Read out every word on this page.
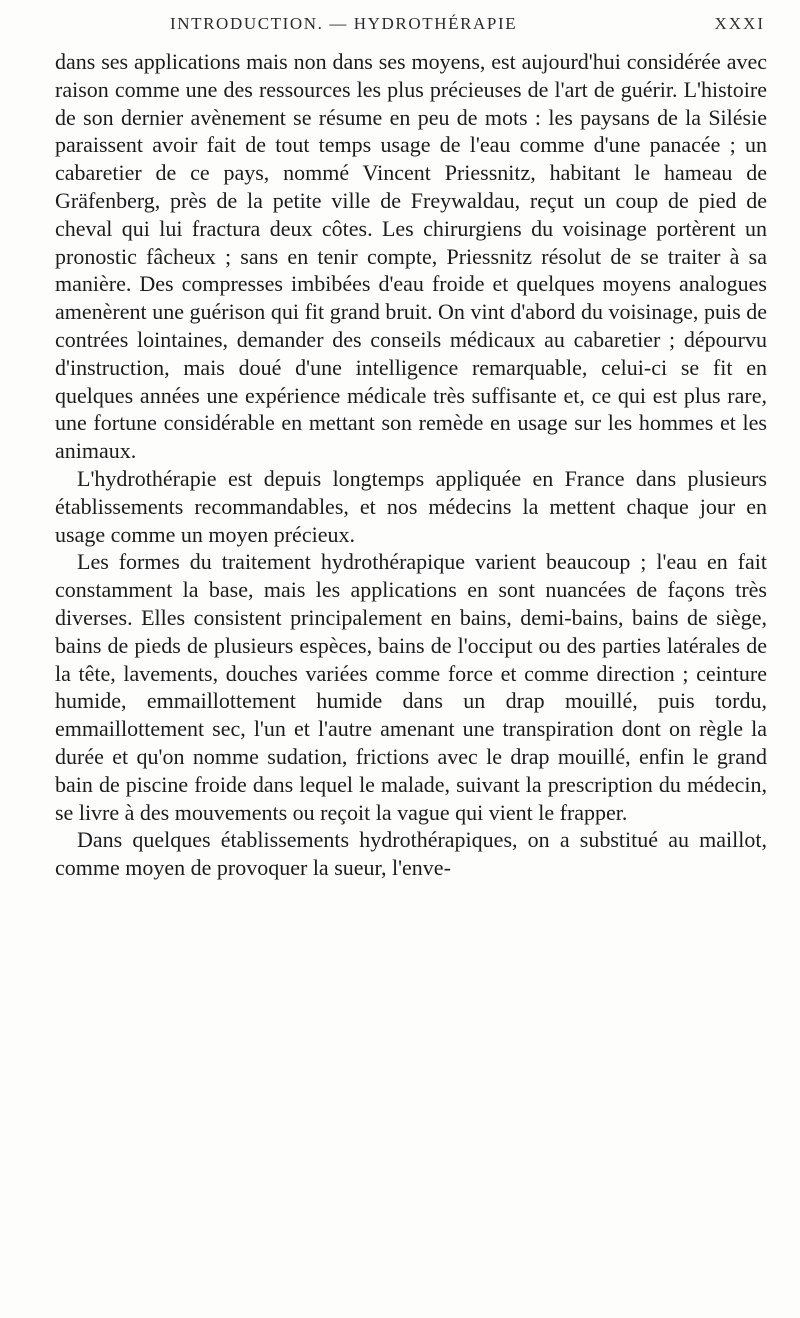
INTRODUCTION. — HYDROTHÉRAPIE	XXXI

dans ses applications mais non dans ses moyens, est aujourd'hui considérée avec raison comme une des ressources les plus précieuses de l'art de guérir. L'histoire de son dernier avènement se résume en peu de mots : les paysans de la Silésie paraissent avoir fait de tout temps usage de l'eau comme d'une panacée ; un cabaretier de ce pays, nommé Vincent Priessnitz, habitant le hameau de Gräfenberg, près de la petite ville de Freywaldau, reçut un coup de pied de cheval qui lui fractura deux côtes. Les chirurgiens du voisinage portèrent un pronostic fâcheux ; sans en tenir compte, Priessnitz résolut de se traiter à sa manière. Des compresses imbibées d'eau froide et quelques moyens analogues amenèrent une guérison qui fit grand bruit. On vint d'abord du voisinage, puis de contrées lointaines, demander des conseils médicaux au cabaretier ; dépourvu d'instruction, mais doué d'une intelligence remarquable, celui-ci se fit en quelques années une expérience médicale très suffisante et, ce qui est plus rare, une fortune considérable en mettant son remède en usage sur les hommes et les animaux.

L'hydrothérapie est depuis longtemps appliquée en France dans plusieurs établissements recommandables, et nos médecins la mettent chaque jour en usage comme un moyen précieux.

Les formes du traitement hydrothérapique varient beaucoup ; l'eau en fait constamment la base, mais les applications en sont nuancées de façons très diverses. Elles consistent principalement en bains, demi-bains, bains de siège, bains de pieds de plusieurs espèces, bains de l'occiput ou des parties latérales de la tête, lavements, douches variées comme force et comme direction ; ceinture humide, emmaillottement humide dans un drap mouillé, puis tordu, emmaillottement sec, l'un et l'autre amenant une transpiration dont on règle la durée et qu'on nomme sudation, frictions avec le drap mouillé, enfin le grand bain de piscine froide dans lequel le malade, suivant la prescription du médecin, se livre à des mouvements ou reçoit la vague qui vient le frapper.

Dans quelques établissements hydrothérapiques, on a substitué au maillot, comme moyen de provoquer la sueur, l'enve-
